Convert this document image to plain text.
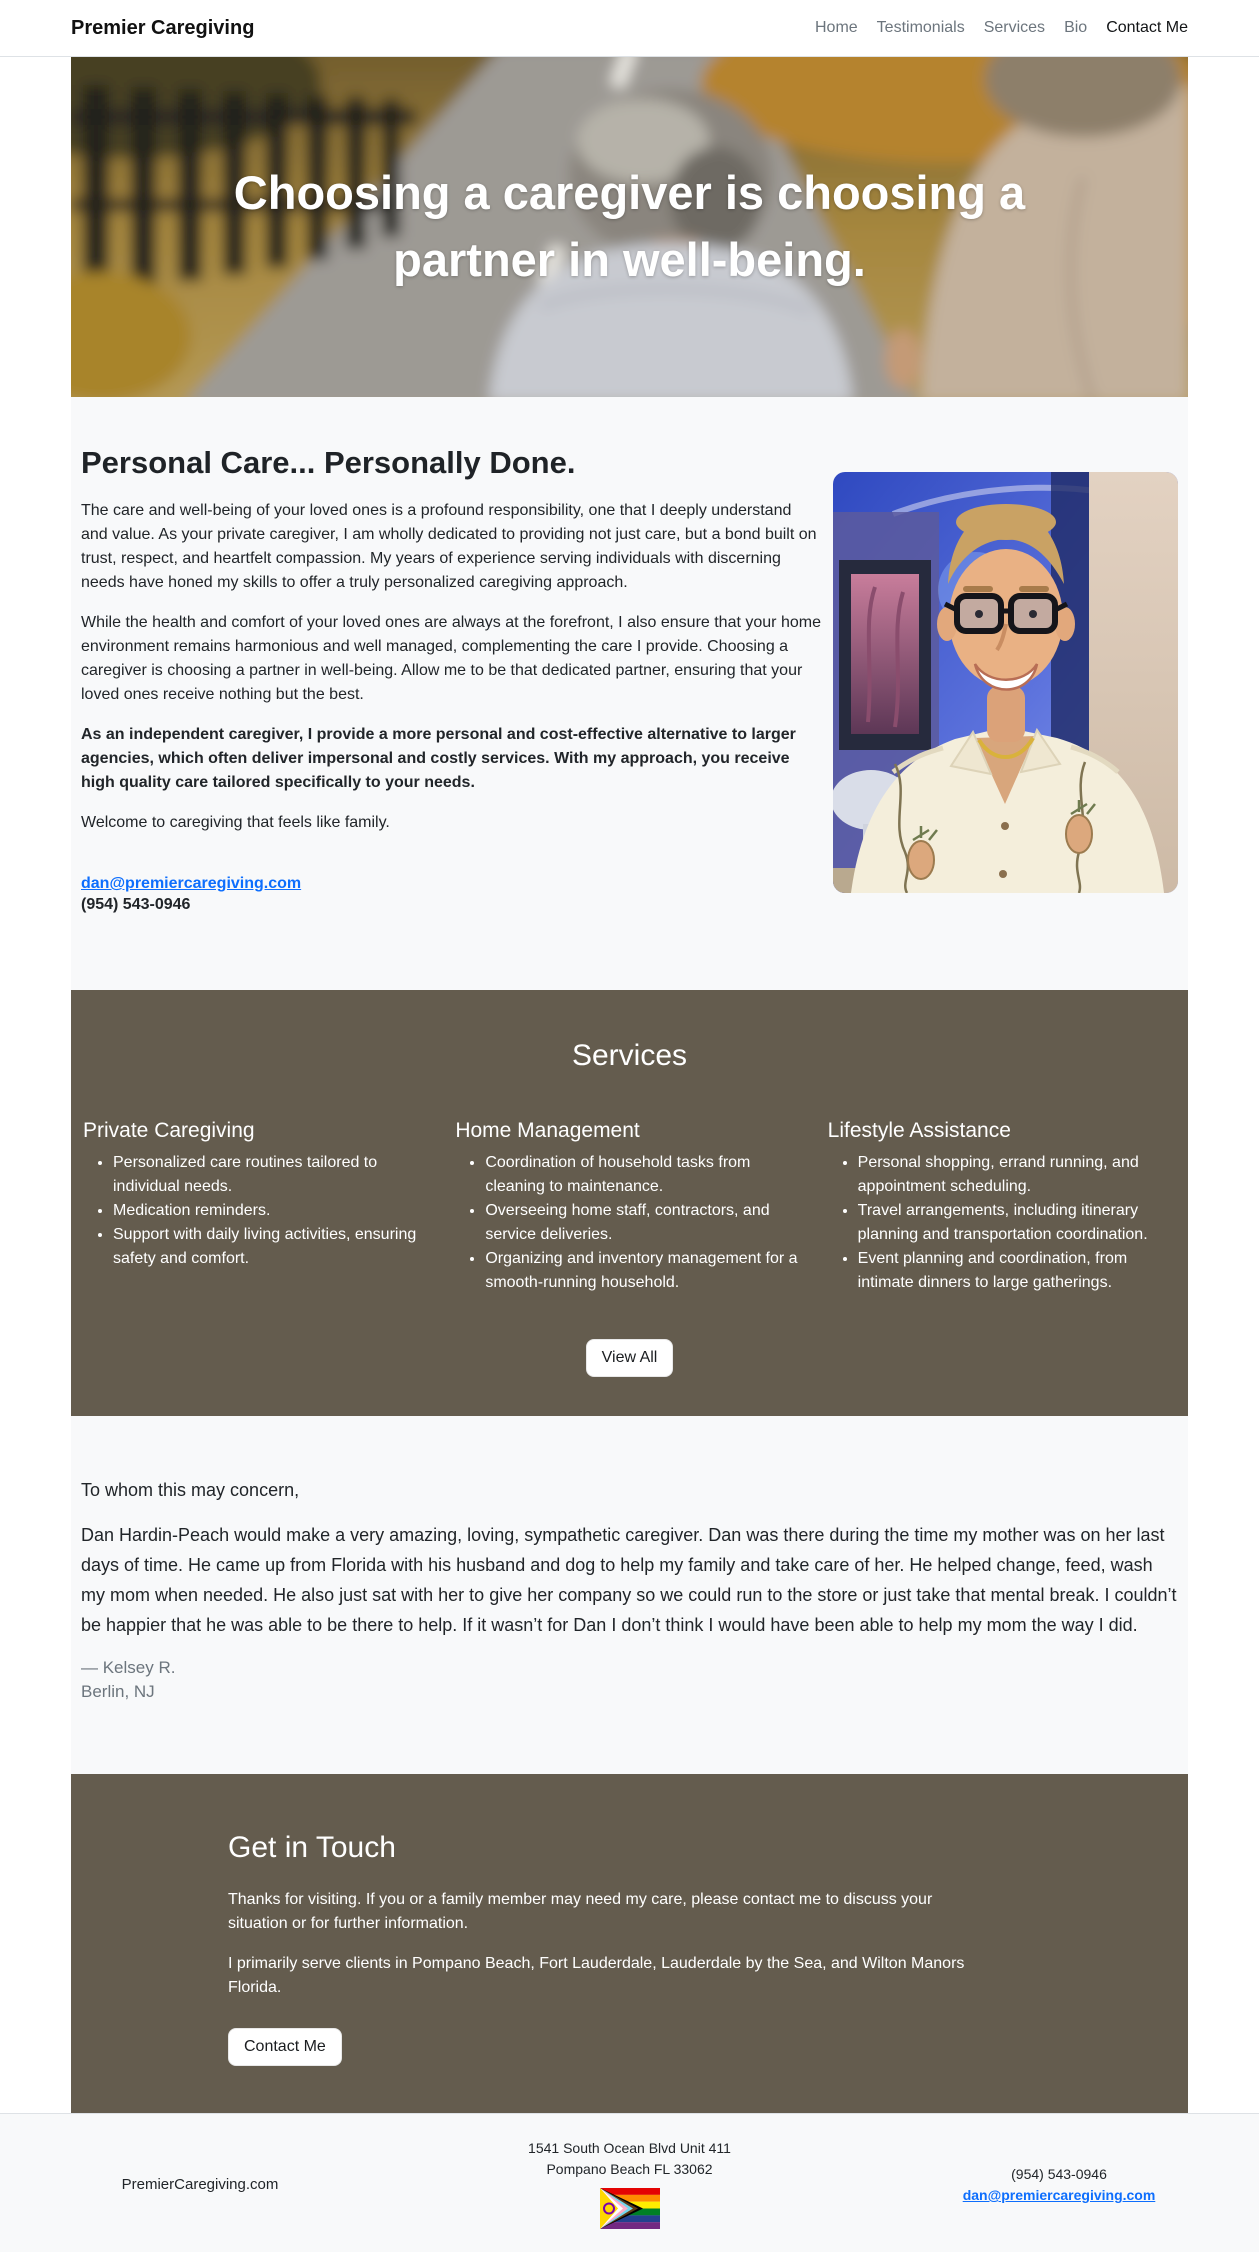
Premier Caregiving	Home Testimonials Services Bio Contact Me
Choosing a caregiver is choosing a
partner in well-being.
Personal Care... Personally Done.

The care and well-being of your loved ones is a profound responsibility, one that I deeply understand and value. As your private caregiver, I am wholly dedicated to providing not just care, but a bond built on trust, respect, and heartfelt compassion. My years of experience serving individuals with discerning needs have honed my skills to offer a truly personalized caregiving approach.

While the health and comfort of your loved ones are always at the forefront, I also ensure that your home environment remains harmonious and well managed, complementing the care I provide. Choosing a caregiver is choosing a partner in well-being. Allow me to be that dedicated partner, ensuring that your loved ones receive nothing but the best.

As an independent caregiver, I provide a more personal and cost-effective alternative to larger agencies, which often deliver impersonal and costly services. With my approach, you receive high quality care tailored specifically to your needs.

Welcome to caregiving that feels like family.

dan@premiercaregiving.com
(954) 543-0946
Services
Private Caregiving
• Personalized care routines tailored to individual needs.
• Medication reminders.
• Support with daily living activities, ensuring safety and comfort.
Home Management
• Coordination of household tasks from cleaning to maintenance.
• Overseeing home staff, contractors, and service deliveries.
• Organizing and inventory management for a smooth-running household.
Lifestyle Assistance
• Personal shopping, errand running, and appointment scheduling.
• Travel arrangements, including itinerary planning and transportation coordination.
• Event planning and coordination, from intimate dinners to large gatherings.
View All

To whom this may concern,

Dan Hardin-Peach would make a very amazing, loving, sympathetic caregiver. Dan was there during the time my mother was on her last days of time. He came up from Florida with his husband and dog to help my family and take care of her. He helped change, feed, wash my mom when needed. He also just sat with her to give her company so we could run to the store or just take that mental break. I couldn’t be happier that he was able to be there to help. If it wasn’t for Dan I don’t think I would have been able to help my mom the way I did.

— Kelsey R.
Berlin, NJ
Get in Touch

Thanks for visiting. If you or a family member may need my care, please contact me to discuss your situation or for further information.

I primarily serve clients in Pompano Beach, Fort Lauderdale, Lauderdale by the Sea, and Wilton Manors Florida.

Contact Me
PremierCaregiving.com
1541 South Ocean Blvd Unit 411
Pompano Beach FL 33062	(954) 543-0946
dan@premiercaregiving.com
